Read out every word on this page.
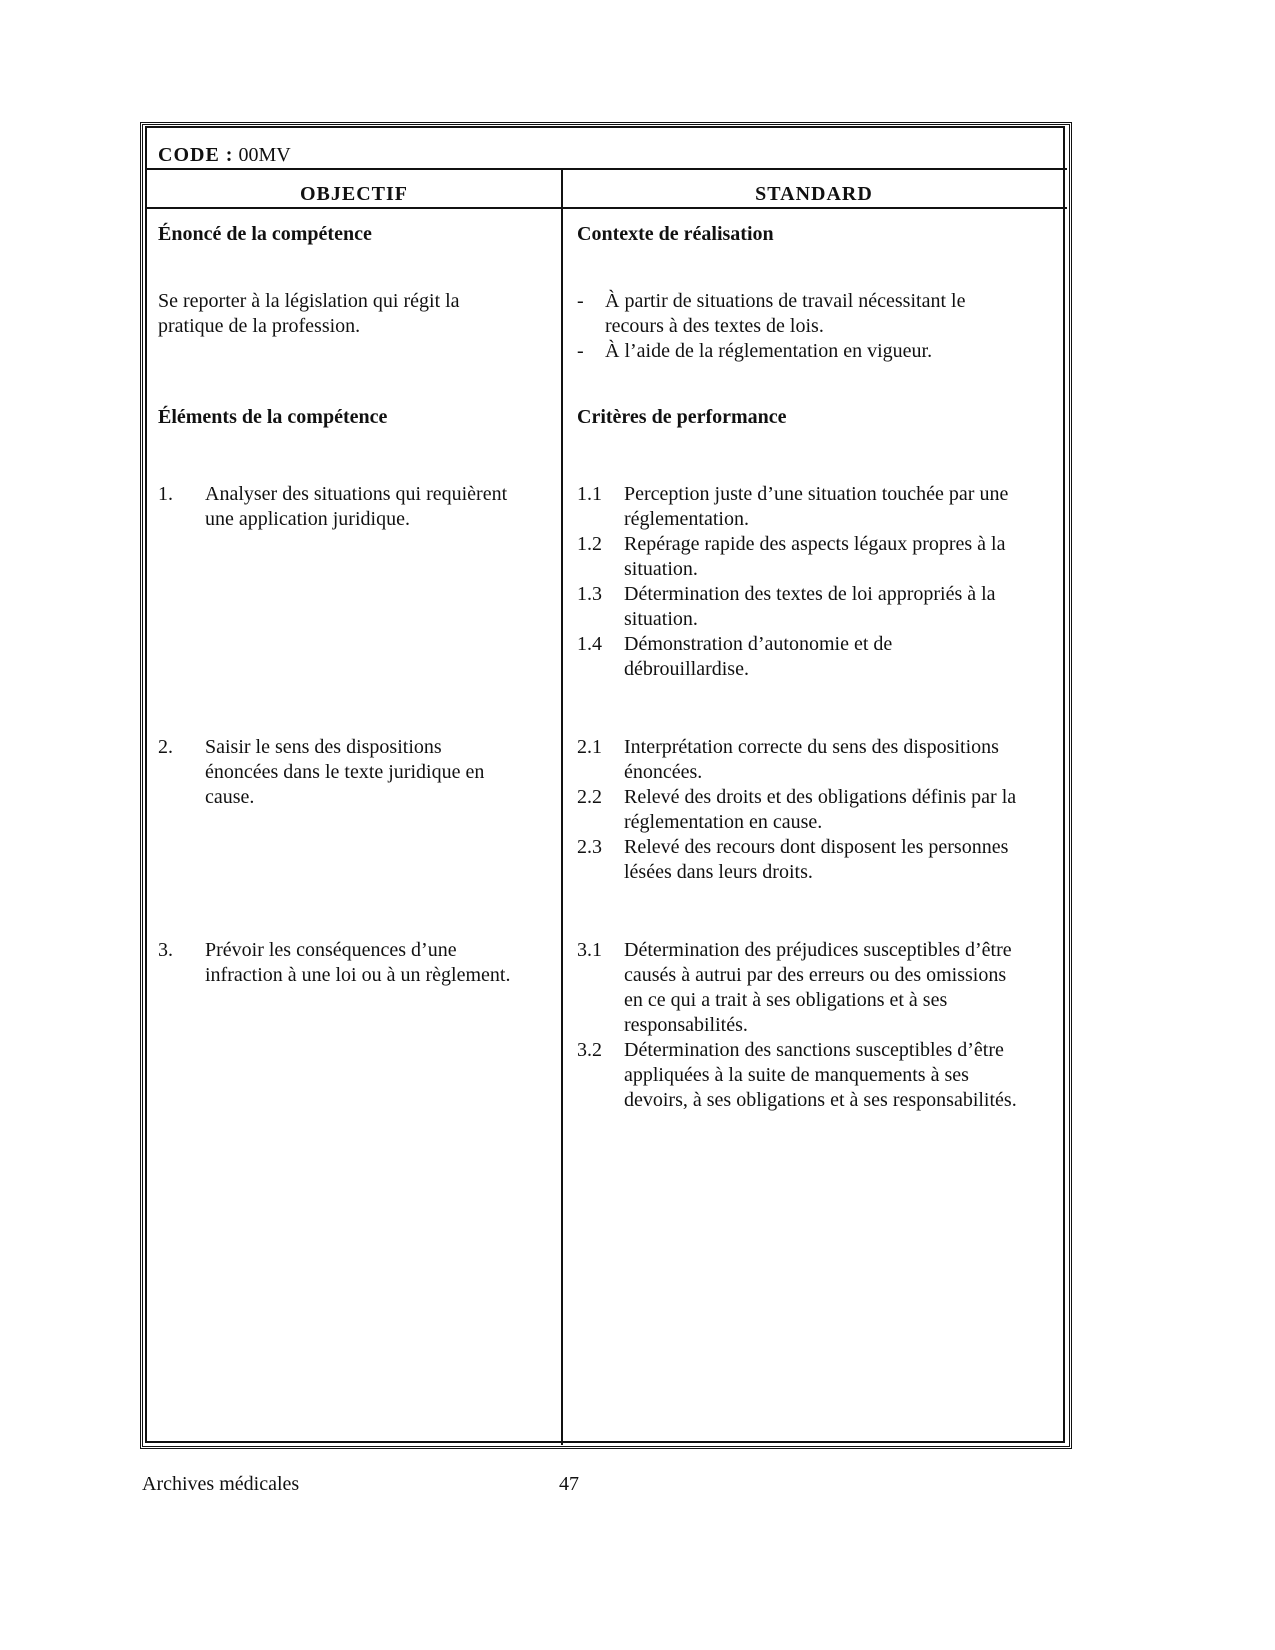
CODE : 00MV
OBJECTIF	STANDARD
Énoncé de la compétence
Se reporter à la législation qui régit la
pratique de la profession.
Éléments de la compétence
1. Analyser des situations qui requièrent
une application juridique.
2. Saisir le sens des dispositions
énoncées dans le texte juridique en
cause.
3. Prévoir les conséquences d’une
infraction à une loi ou à un règlement.
Contexte de réalisation
- À partir de situations de travail nécessitant le
recours à des textes de lois.
- À l’aide de la réglementation en vigueur.
Critères de performance
1.1 Perception juste d’une situation touchée par une
réglementation.
1.2 Repérage rapide des aspects légaux propres à la
situation.
1.3 Détermination des textes de loi appropriés à la
situation.
1.4 Démonstration d’autonomie et de
débrouillardise.
2.1 Interprétation correcte du sens des dispositions
énoncées.
2.2 Relevé des droits et des obligations définis par la
réglementation en cause.
2.3 Relevé des recours dont disposent les personnes
lésées dans leurs droits.
3.1 Détermination des préjudices susceptibles d’être
causés à autrui par des erreurs ou des omissions
en ce qui a trait à ses obligations et à ses
responsabilités.
3.2 Détermination des sanctions susceptibles d’être
appliquées à la suite de manquements à ses
devoirs, à ses obligations et à ses responsabilités.
Archives médicales	47
